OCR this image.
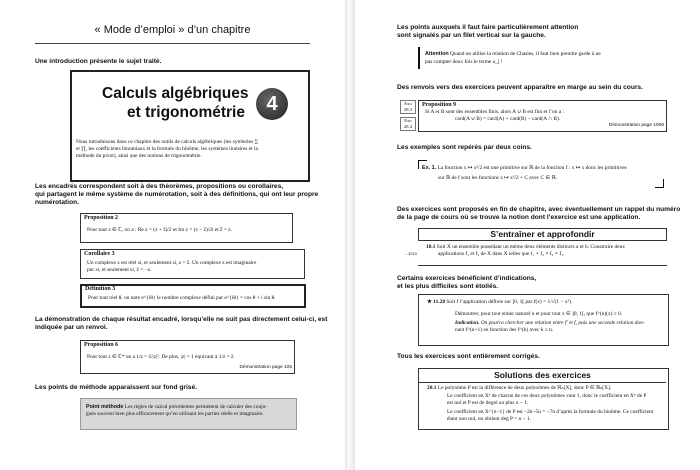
« Mode d’emploi » d’un chapitre
Une introduction présente le sujet traité.
Calculs algébriques
et trigonométrie	4
Nous introduisons dans ce chapitre des outils de calculs algébriques (les symboles ∑
et ∏, les coefficients binomiaux et la formule du binôme, les systèmes linéaires et la
méthode du pivot), ainsi que des notions de trigonométrie.
Les encadrés correspondent soit à des théorèmes, propositions ou corollaires,
qui partagent le même système de numérotation, soit à des définitions, qui ont leur propre
numérotation.
Proposition 2
Pour tout z ∈ ℂ, on a : Re z = (z + z̄)/2 et Im z = (z − z̄)/2i et z̄̄ = z.
Corollaire 3
Un complexe z est réel si, et seulement si, z = z̄. Un complexe z est imaginaire
pur si, et seulement si, z̄ = −z.
Définition 3
Pour tout réel θ, on note e^{iθ} le nombre complexe défini par e^{iθ} = cos θ + i sin θ.
La démonstration de chaque résultat encadré, lorsqu’elle ne suit pas directement celui-ci, est
indiquée par un renvoi.
Proposition 6
Pour tout z ∈ ℂ* on a 1/z = z̄/|z|². De plus, |z| = 1 équivaut à 1/z = z̄.
Démonstration page 105
Les points de méthode apparaissent sur fond grisé.
Point méthode Les règles de calcul précédentes permettent de calculer des conju-
gués souvent bien plus efficacement qu’en utilisant les parties réelle et imaginaire.
Les points auxquels il faut faire particulièrement attention
sont signalés par un filet vertical sur la gauche.
Attention Quand on utilise la relation de Chasles, il faut bien prendre garde à ne
pas compter deux fois le terme a_j !
Des renvois vers des exercices peuvent apparaître en marge au sein du cours.
Exo
28.3
Exo
28.4
Proposition 9
Si A et B sont des ensembles finis, alors A ∪ B est fini et l’on a :
card(A ∪ B) = card(A) + card(B) − card(A ∩ B).
Démonstration page 1006
Les exemples sont repérés par deux coins.
Ex. 1. La fonction x ↦ x²/2 est une primitive sur ℝ de la fonction f : x ↦ x donc les primitives
sur ℝ de f sont les fonctions x ↦ x²/2 + C avec C ∈ ℝ.
Des exercices sont proposés en fin de chapitre, avec éventuellement un rappel du numéro
de la page de cours où se trouve la notion dont l’exercice est une application.
S’entraîner et approfondir
18.1 Soit X un ensemble possédant un même deux éléments distincts a et b. Construire deux
→1019	applications f₁ et f₂ de X dans X telles que f₁ ∘ f₂ ≠ f₂ ∘ f₁.
Certains exercices bénéficient d’indications,
et les plus difficiles sont étoilés.
★ 11.28 Soit f l’application définie sur ]0, 1[ par f(x) = 1/√(1 − x²).
Démontrer, pour tout entier naturel n et pour tout x ∈ ]0, 1[, que f^(n)(x) ≥ 0.
Indication. On pourra chercher une relation entre f′ et f, puis une seconde relation don-
nant f^(n+1) en fonction des f^(k) avec k ≤ n.
Tous les exercices sont entièrement corrigés.
Solutions des exercices
20.1 Le polynôme P est la différence de deux polynômes de ℝₙ[X], donc P ∈ ℝₙ[X].
Le coefficient en Xⁿ de chacun de ces deux polynômes vaut 1, donc le coefficient en Xⁿ de P
est nul et P est de degré au plus n − 1.
Le coefficient en X^{n−1} de P est −2n−5n = −7n d’après la formule du binôme. Ce coefficient
étant non nul, on obtient deg P = n − 1.
